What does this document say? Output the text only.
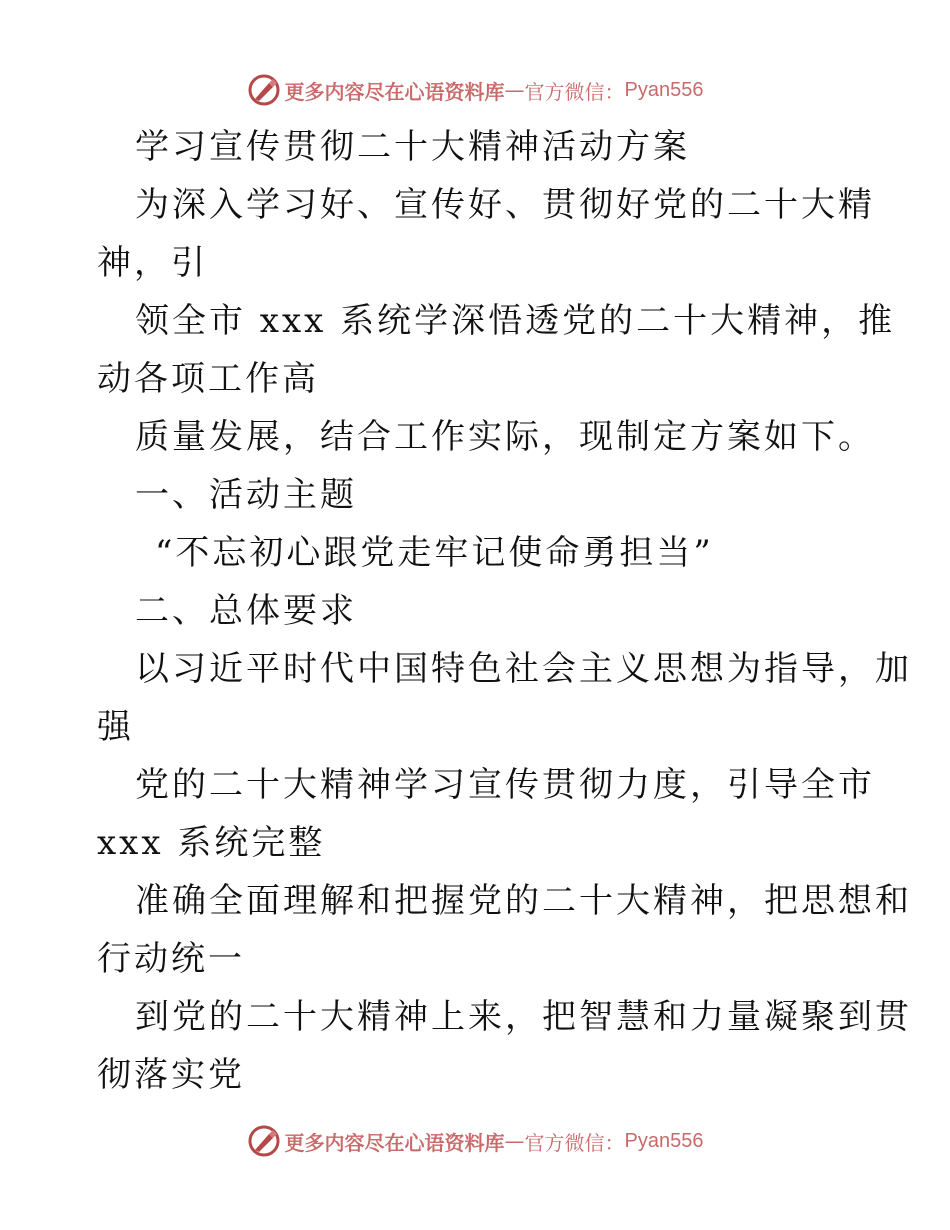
更多内容尽在心语资料库 — 官方微信： Pyan556
学习宣传贯彻二十大精神活动方案
为深入学习好、宣传好、贯彻好党的二十大精
神，引
领全市 xxx 系统学深悟透党的二十大精神，推
动各项工作高
质量发展，结合工作实际，现制定方案如下。
一、活动主题
“不忘初心跟党走牢记使命勇担当”
二、总体要求
以习近平时代中国特色社会主义思想为指导，加
强
党的二十大精神学习宣传贯彻力度，引导全市
xxx 系统完整
准确全面理解和把握党的二十大精神，把思想和
行动统一
到党的二十大精神上来，把智慧和力量凝聚到贯
彻落实党
更多内容尽在心语资料库 — 官方微信： Pyan556
